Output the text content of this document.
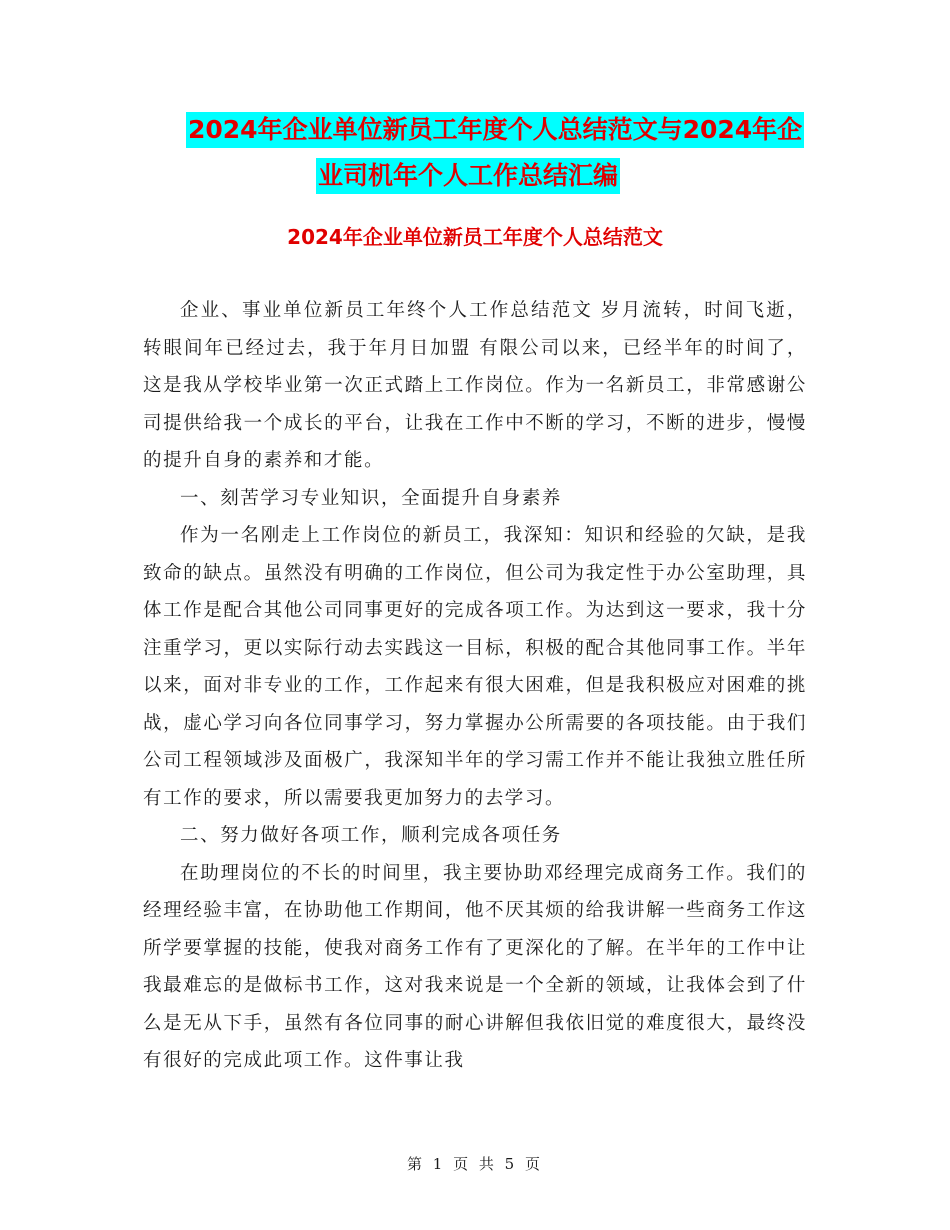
2024年企业单位新员工年度个人总结范文与2024年企
业司机年个人工作总结汇编
2024年企业单位新员工年度个人总结范文

企业、事业单位新员工年终个人工作总结范文 岁月流转，时间飞逝，转眼间年已经过去，我于年月日加盟 有限公司以来，已经半年的时间了，这是我从学校毕业第一次正式踏上工作岗位。作为一名新员工，非常感谢公司提供给我一个成长的平台，让我在工作中不断的学习，不断的进步，慢慢的提升自身的素养和才能。

一、刻苦学习专业知识，全面提升自身素养

作为一名刚走上工作岗位的新员工，我深知：知识和经验的欠缺，是我致命的缺点。虽然没有明确的工作岗位，但公司为我定性于办公室助理，具体工作是配合其他公司同事更好的完成各项工作。为达到这一要求，我十分注重学习，更以实际行动去实践这一目标，积极的配合其他同事工作。半年以来，面对非专业的工作，工作起来有很大困难，但是我积极应对困难的挑战，虚心学习向各位同事学习，努力掌握办公所需要的各项技能。由于我们公司工程领域涉及面极广，我深知半年的学习需工作并不能让我独立胜任所有工作的要求，所以需要我更加努力的去学习。

二、努力做好各项工作，顺利完成各项任务

在助理岗位的不长的时间里，我主要协助邓经理完成商务工作。我们的经理经验丰富，在协助他工作期间，他不厌其烦的给我讲解一些商务工作这所学要掌握的技能，使我对商务工作有了更深化的了解。在半年的工作中让我最难忘的是做标书工作，这对我来说是一个全新的领域，让我体会到了什么是无从下手，虽然有各位同事的耐心讲解但我依旧觉的难度很大，最终没有很好的完成此项工作。这件事让我

第 1 页 共 5 页
